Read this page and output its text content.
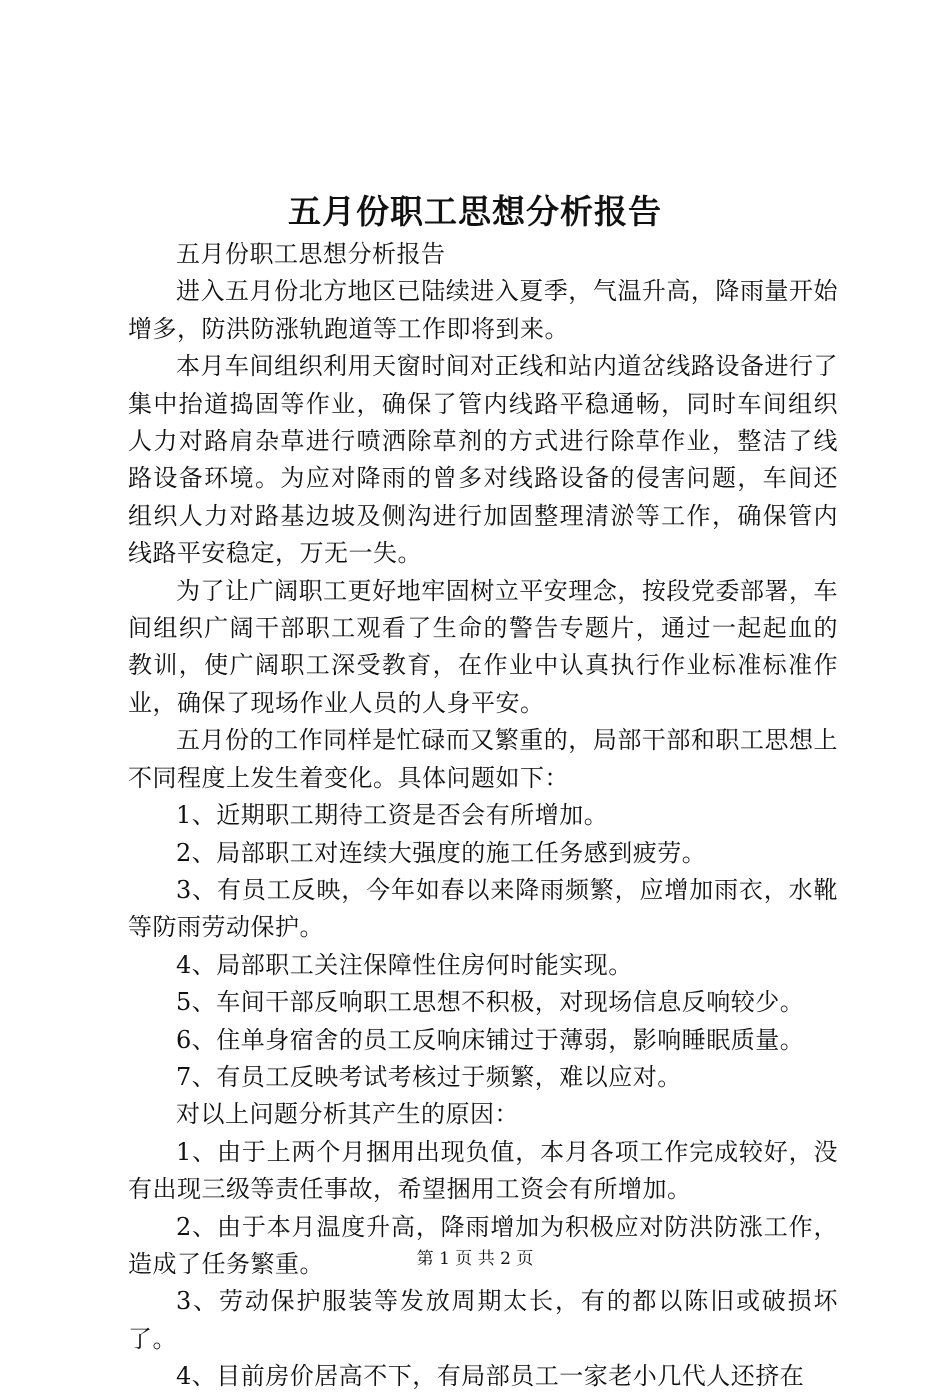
五月份职工思想分析报告

五月份职工思想分析报告

进入五月份北方地区已陆续进入夏季，气温升高，降雨量开始增多，防洪防涨轨跑道等工作即将到来。

本月车间组织利用天窗时间对正线和站内道岔线路设备进行了集中抬道捣固等作业，确保了管内线路平稳通畅，同时车间组织人力对路肩杂草进行喷洒除草剂的方式进行除草作业，整洁了线路设备环境。为应对降雨的曾多对线路设备的侵害问题，车间还组织人力对路基边坡及侧沟进行加固整理清淤等工作，确保管内线路平安稳定，万无一失。

为了让广阔职工更好地牢固树立平安理念，按段党委部署，车间组织广阔干部职工观看了生命的警告专题片，通过一起起血的教训，使广阔职工深受教育，在作业中认真执行作业标准标准作业，确保了现场作业人员的人身平安。

五月份的工作同样是忙碌而又繁重的，局部干部和职工思想上不同程度上发生着变化。具体问题如下：

1、近期职工期待工资是否会有所增加。

2、局部职工对连续大强度的施工任务感到疲劳。

3、有员工反映，今年如春以来降雨频繁，应增加雨衣，水靴等防雨劳动保护。

4、局部职工关注保障性住房何时能实现。

5、车间干部反响职工思想不积极，对现场信息反响较少。

6、住单身宿舍的员工反响床铺过于薄弱，影响睡眠质量。

7、有员工反映考试考核过于频繁，难以应对。

对以上问题分析其产生的原因：

1、由于上两个月捆用出现负值，本月各项工作完成较好，没有出现三级等责任事故，希望捆用工资会有所增加。

2、由于本月温度升高，降雨增加为积极应对防洪防涨工作，造成了任务繁重。

3、劳动保护服装等发放周期太长，有的都以陈旧或破损坏了。

4、目前房价居高不下，有局部员工一家老小几代人还挤在

第 1 页 共 2 页
